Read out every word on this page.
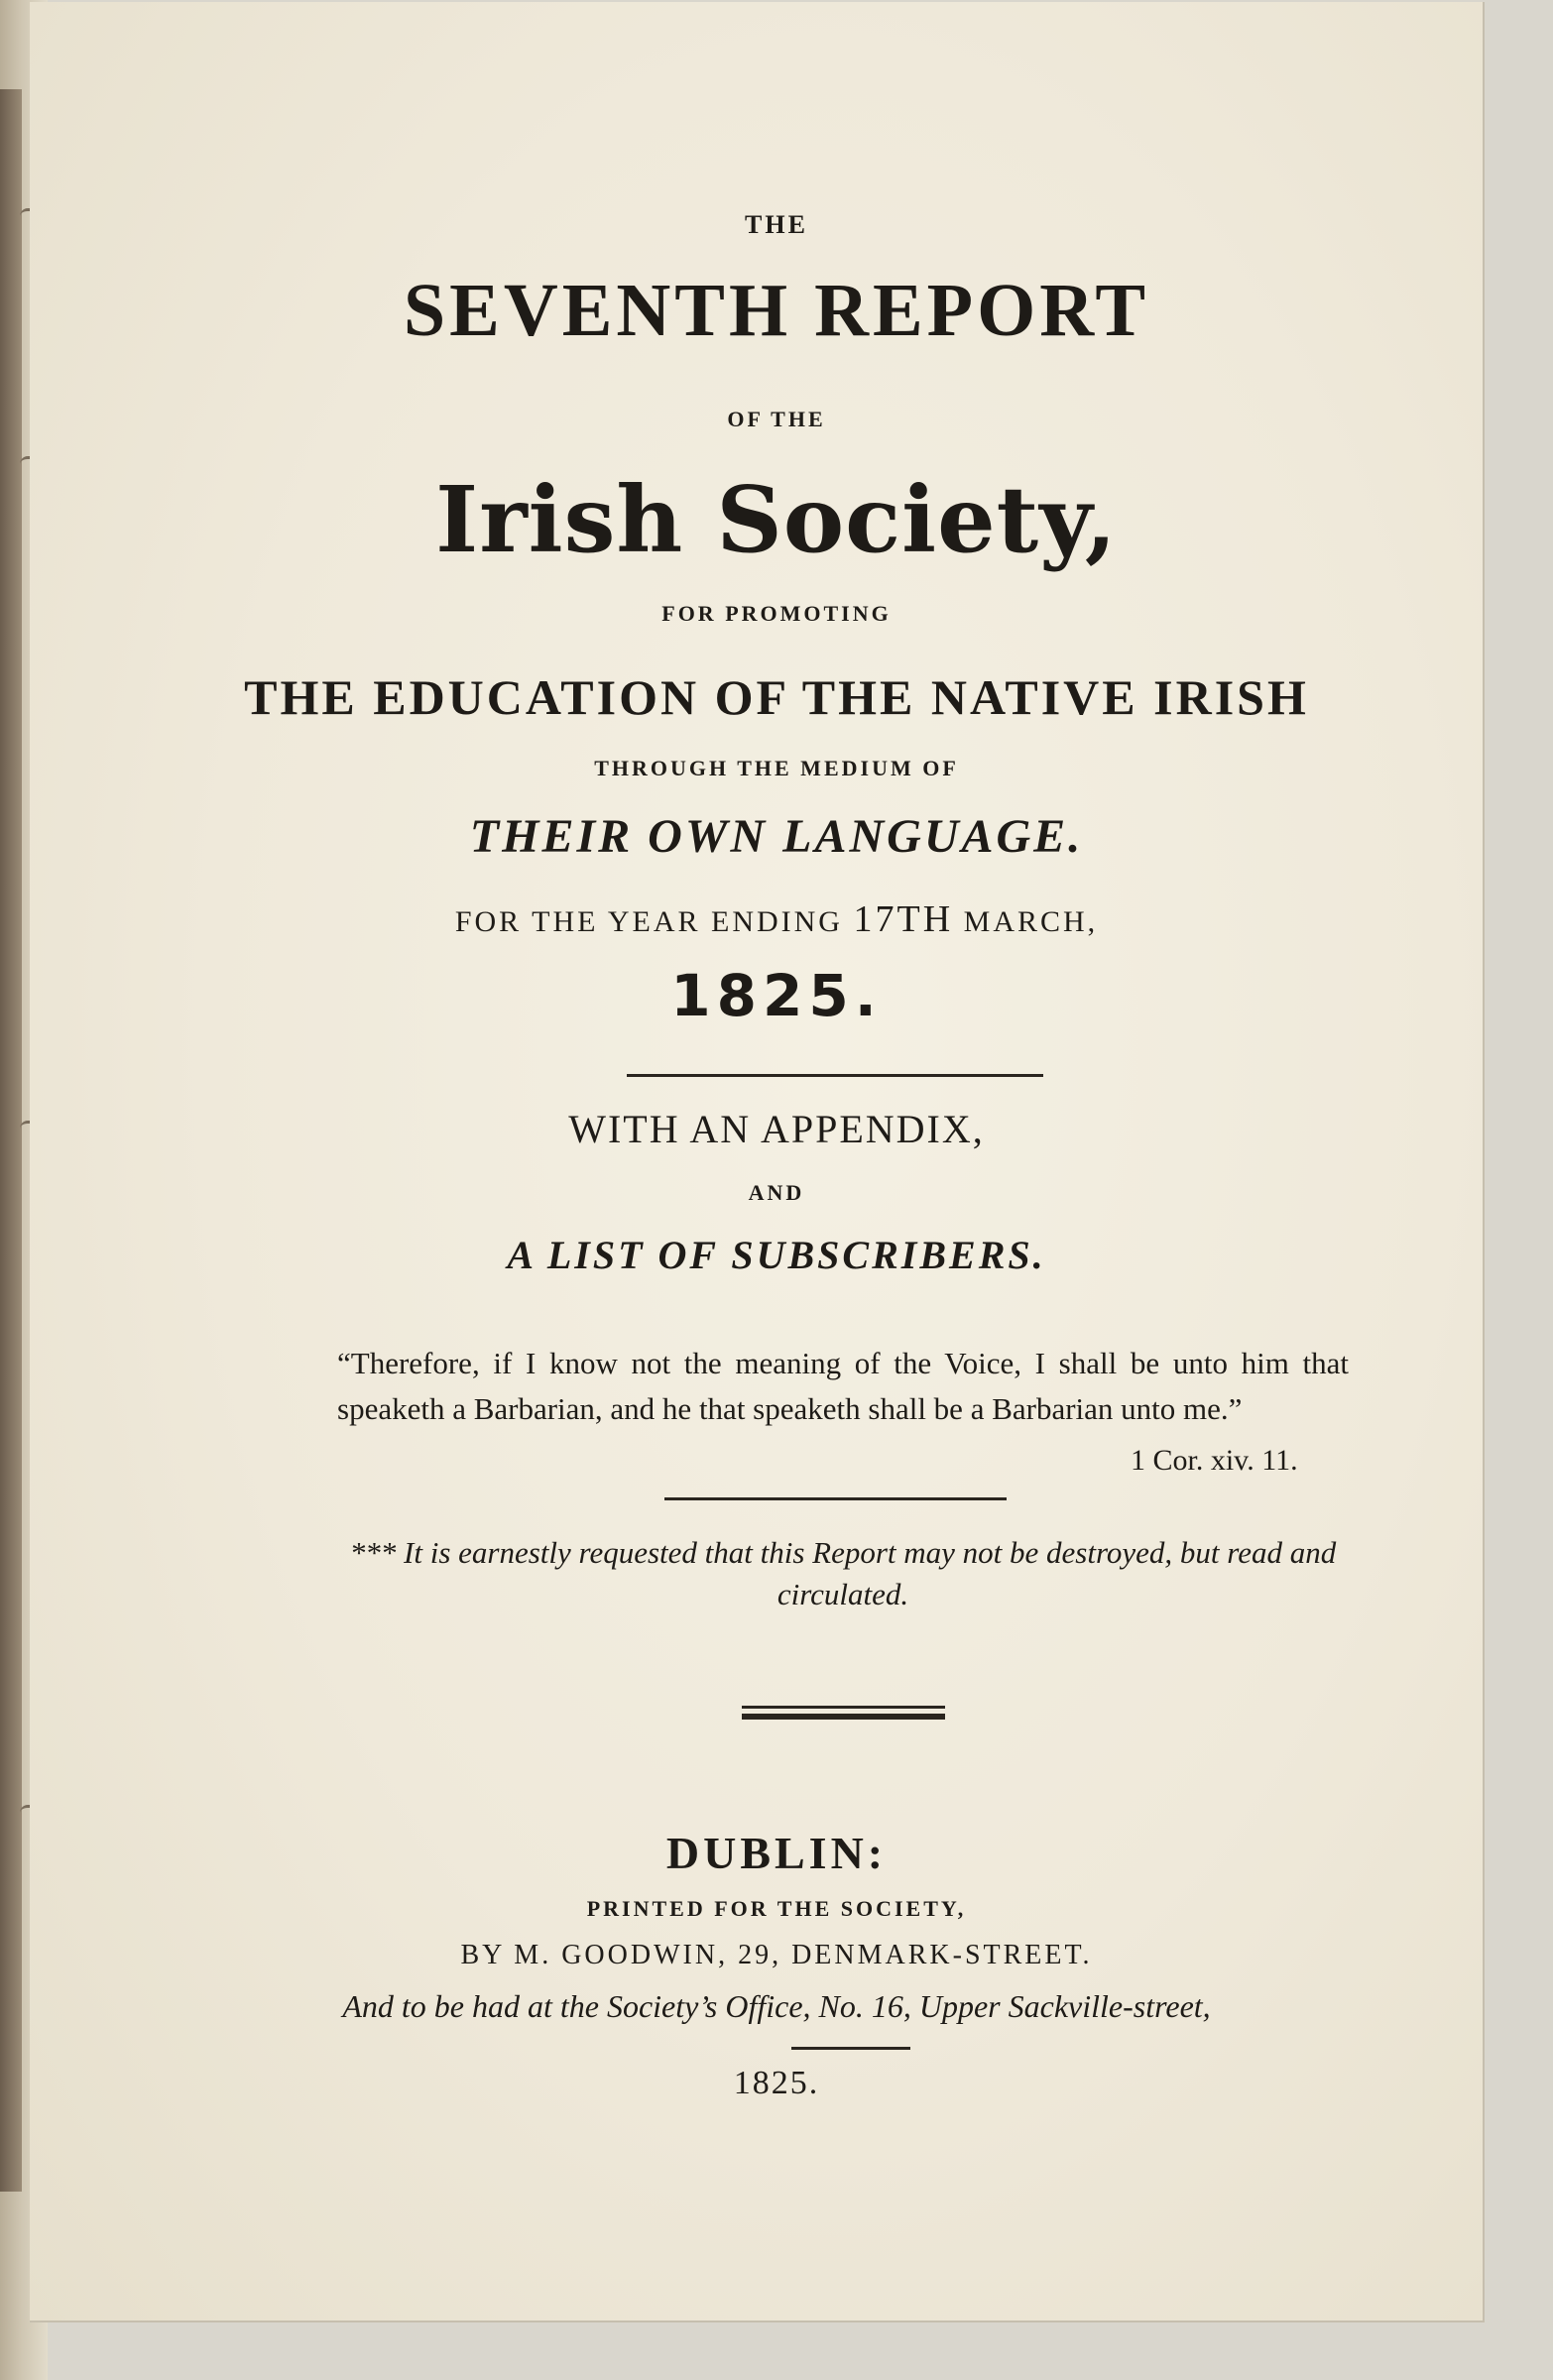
THE

SEVENTH REPORT

OF THE

Irish Society,

FOR PROMOTING

THE EDUCATION OF THE NATIVE IRISH

THROUGH THE MEDIUM OF

THEIR OWN LANGUAGE.

FOR THE YEAR ENDING 17TH MARCH,

1825.

WITH AN APPENDIX,

AND

A LIST OF SUBSCRIBERS.

“Therefore, if I know not the meaning of the Voice, I shall be unto him that speaketh a Barbarian, and he that speaketh shall be a Barbarian unto me.”

1 Cor. xiv. 11.

*** It is earnestly requested that this Report may not be destroyed, but read and circulated.

DUBLIN:

PRINTED FOR THE SOCIETY,

BY M. GOODWIN, 29, DENMARK-STREET.

And to be had at the Society’s Office, No. 16, Upper Sackville-street,

1825.
